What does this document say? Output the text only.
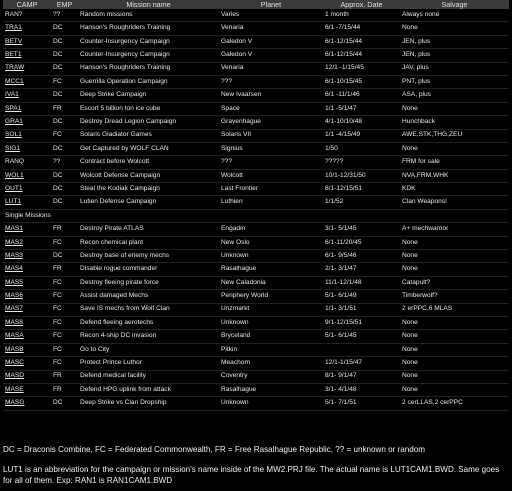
CAMP	EMP	Mission name	Planet	Approx. Date	Salvage
RAN?	??	Random missions	Varies	1 month	Always none
TRA1	DC	Hanson's Roughriders Training	Venaria	6/1 -7/15/44	None
BETV	DC	Counter-Insurgency Campaign	Galedon V	6/1-12/15/44	JEN, plus
BET1	DC	Counter-Insurgency Campaign	Galedon V	6/1-12/15/44	JEN, plus
TRAW	DC	Hanson's Roughriders Training	Venaria	12/1 -1/15/45	JAV, plus
MCC1	FC	Guerrilla Operation Campaign	???	6/1-10/15/45	PNT, plus
IVA1	DC	Deep Strike Campaign	New Ivaarsen	6/1 -11/1/46	ASA, plus
SPA1	FR	Escort 5 billion ton ice cube	Space	1/1 -5/1/47	None
GRA1	DC	Destroy Dread Legion Campaign	Gravenhague	4/1-10/10/48	Hunchback
SOL1	FC	Solaris Gladiator Games	Solaris VII	1/1 -4/15/49	AWE,STK,THG,ZEU
SIG1	DC	Get Captured by WOLF CLAN	Signius	1/50	None
RANQ	??	Contract before Wolcott	???	?????	FRM for sale
WOL1	DC	Wolcott Defense Campaign	Wolcott	10/1-12/31/50	NVA,FRM,WHK
OUT1	DC	Steal the Kodiak Campaign	Last Frontier	8/1-12/15/51	KDK
LUT1	DC	Lutien Defense Campaign	Luthien	1/1/52	Clan Weapons!
Single Missions					
MAS1	FR	Destroy Pirate ATLAS	Engadin	3/1- 5/1/45	A+ mechwarrior
MAS2	FC	Recon chemical plant	New Oslo	6/1-11/20/45	None
MAS3	DC	Destroy base of enemy mechs	Unknown	6/1- 9/5/46	None
MAS4	FR	Disable rogue commander	Rasalhague	2/1- 3/1/47	None
MAS5	FC	Destroy fleeing pirate force	New Caladonia	11/1-12/1/48	Catapult?
MAS6	FC	Assist damaged Mechs	Periphery World	5/1- 6/1/49	Timberwolf?
MAS7	FC	Save IS mechs from Wolf Clan	Unzmarkt	1/1- 3/1/51	2 erPPC,6 MLAS
MAS8	FC	Defend fleeing aerotechs	Unknown	9/1-12/15/51	None
MASA	FC	Recon 4-ship DC invasion	Bryceland	5/1- 6/1/45	None
MASB	FC	Go to City	Pitkin		None
MASC	FC	Protect Prince Luthor	Meachom	12/1-1/15/47	None
MASD	FR	Defend medical facility	Coventry	8/1- 9/1/47	None
MASE	FR	Defend HPG uplink from attack	Rasalhague	3/1- 4/1/48	None
MASG	DC	Deep Strike vs Clan Dropship	Unknown	5/1- 7/1/51	2 cerLLAS,2 cerPPC
DC = Draconis Combine, FC = Federated Commonwealth, FR = Free Rasalhague Republic, ?? = unknown or random
LUT1 is an abbreviation for the campaign or mission's name inside of the MW2.PRJ file. The actual name is LUT1CAM1.BWD. Same goes for all of them. Exp: RAN1 is RAN1CAM1.BWD
